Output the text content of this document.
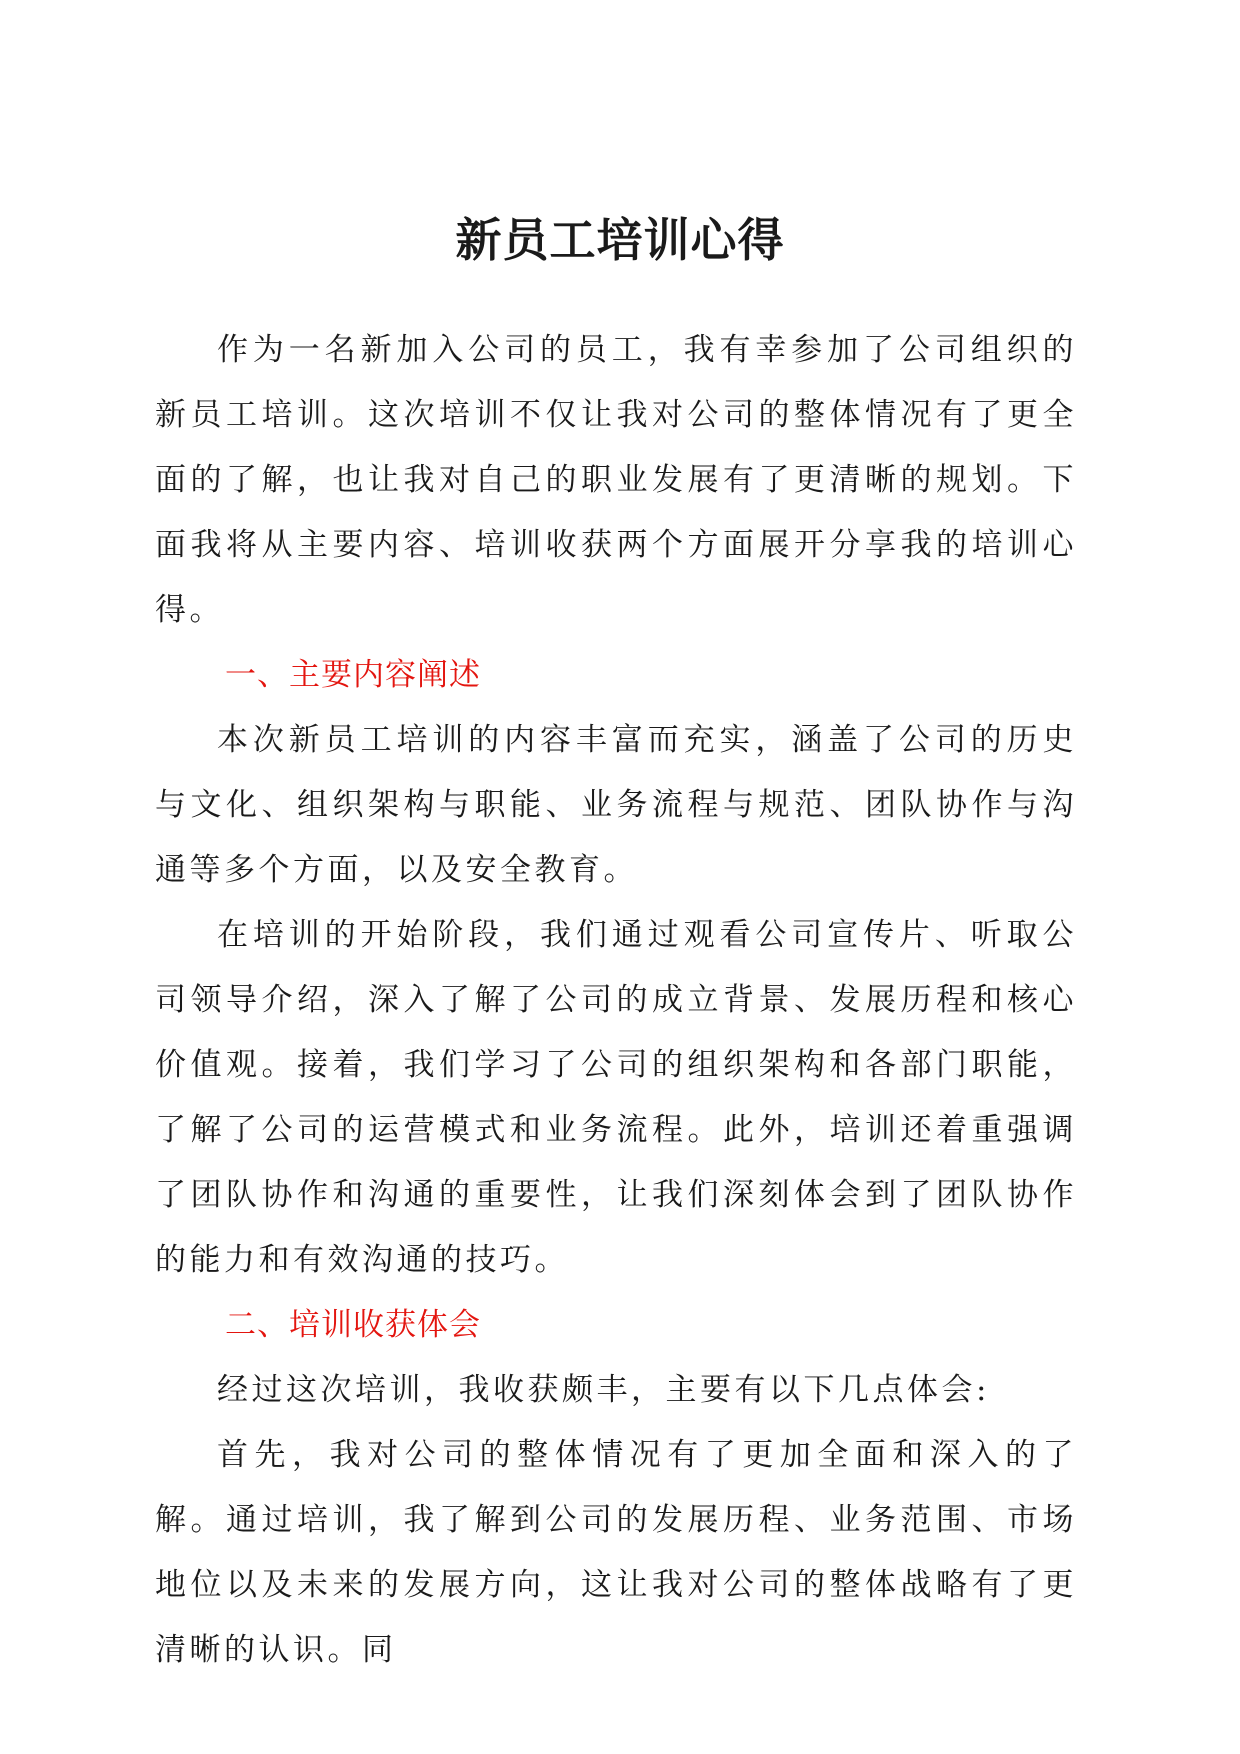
新员工培训心得

作为一名新加入公司的员工，我有幸参加了公司组织的新员工培训。这次培训不仅让我对公司的整体情况有了更全面的了解，也让我对自己的职业发展有了更清晰的规划。下面我将从主要内容、培训收获两个方面展开分享我的培训心得。

一、主要内容阐述

本次新员工培训的内容丰富而充实，涵盖了公司的历史与文化、组织架构与职能、业务流程与规范、团队协作与沟通等多个方面，以及安全教育。

在培训的开始阶段，我们通过观看公司宣传片、听取公司领导介绍，深入了解了公司的成立背景、发展历程和核心价值观。接着，我们学习了公司的组织架构和各部门职能，了解了公司的运营模式和业务流程。此外，培训还着重强调了团队协作和沟通的重要性，让我们深刻体会到了团队协作的能力和有效沟通的技巧。

二、培训收获体会

经过这次培训，我收获颇丰，主要有以下几点体会:

首先，我对公司的整体情况有了更加全面和深入的了解。通过培训，我了解到公司的发展历程、业务范围、市场地位以及未来的发展方向，这让我对公司的整体战略有了更清晰的认识。同
